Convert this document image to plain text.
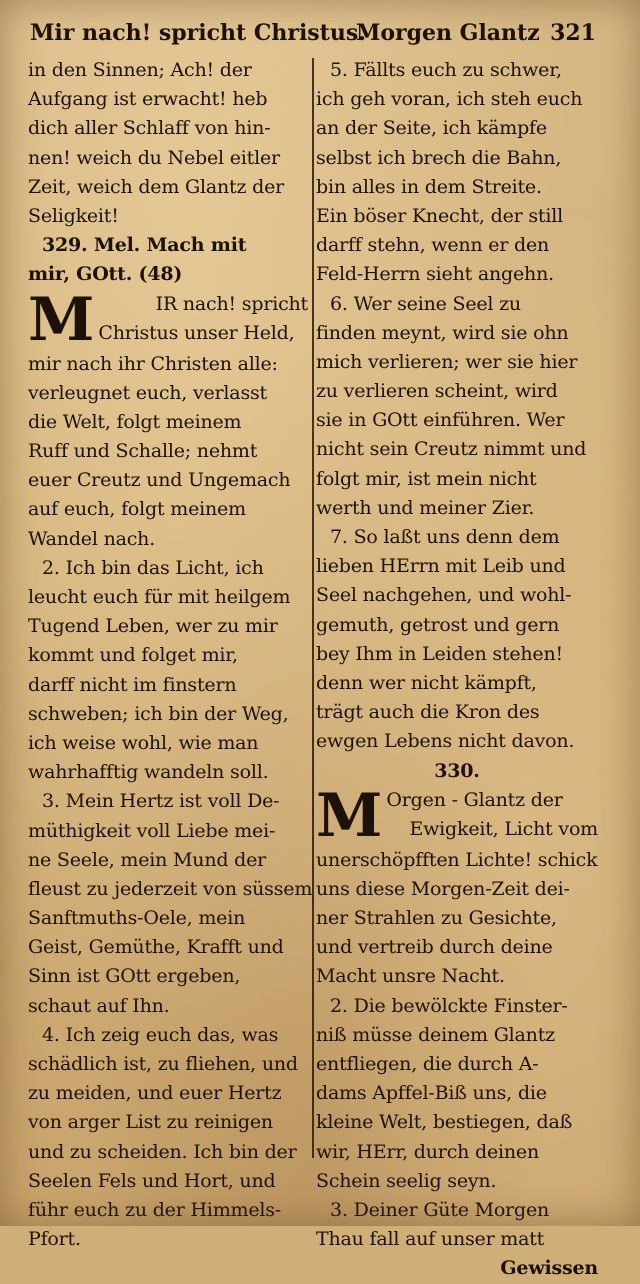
Mir nach! spricht Christus.
Morgen Glantz 321
in den Sinnen; Ach! der
Aufgang ist erwacht! heb
dich aller Schlaff von hin-
nen! weich du Nebel eitler
Zeit, weich dem Glantz der
Seligkeit!
329. Mel. Mach mit
mir, GOtt. (48)
M	IR nach! spricht
Christus unser Held,
mir nach ihr Christen alle:
verleugnet euch, verlasst
die Welt, folgt meinem
Ruff und Schalle; nehmt
euer Creutz und Ungemach
auf euch, folgt meinem
Wandel nach.
2. Ich bin das Licht, ich
leucht euch für mit heilgem
Tugend Leben, wer zu mir
kommt und folget mir,
darff nicht im finstern
schweben; ich bin der Weg,
ich weise wohl, wie man
wahrhafftig wandeln soll.
3. Mein Hertz ist voll De-
müthigkeit voll Liebe mei-
ne Seele, mein Mund der
fleust zu jederzeit von süssem
Sanftmuths-Oele, mein
Geist, Gemüthe, Krafft und
Sinn ist GOtt ergeben,
schaut auf Ihn.
4. Ich zeig euch das, was
schädlich ist, zu fliehen, und
zu meiden, und euer Hertz
von arger List zu reinigen
und zu scheiden. Ich bin der
Seelen Fels und Hort, und
führ euch zu der Himmels-
Pfort.
5. Fällts euch zu schwer,
ich geh voran, ich steh euch
an der Seite, ich kämpfe
selbst ich brech die Bahn,
bin alles in dem Streite.
Ein böser Knecht, der still
darff stehn, wenn er den
Feld-Herrn sieht angehn.
6. Wer seine Seel zu
finden meynt, wird sie ohn
mich verlieren; wer sie hier
zu verlieren scheint, wird
sie in GOtt einführen. Wer
nicht sein Creutz nimmt und
folgt mir, ist mein nicht
werth und meiner Zier.
7. So laßt uns denn dem
lieben HErrn mit Leib und
Seel nachgehen, und wohl-
gemuth, getrost und gern
bey Ihm in Leiden stehen!
denn wer nicht kämpft,
trägt auch die Kron des
ewgen Lebens nicht davon.
330.
M Orgen - Glantz der
Ewigkeit, Licht vom
unerschöpfften Lichte! schick
uns diese Morgen-Zeit dei-
ner Strahlen zu Gesichte,
und vertreib durch deine
Macht unsre Nacht.
2. Die bewölckte Finster-
niß müsse deinem Glantz
entfliegen, die durch A-
dams Apffel-Biß uns, die
kleine Welt, bestiegen, daß
wir, HErr, durch deinen
Schein seelig seyn.
3. Deiner Güte Morgen
Thau fall auf unser matt
Gewissen
